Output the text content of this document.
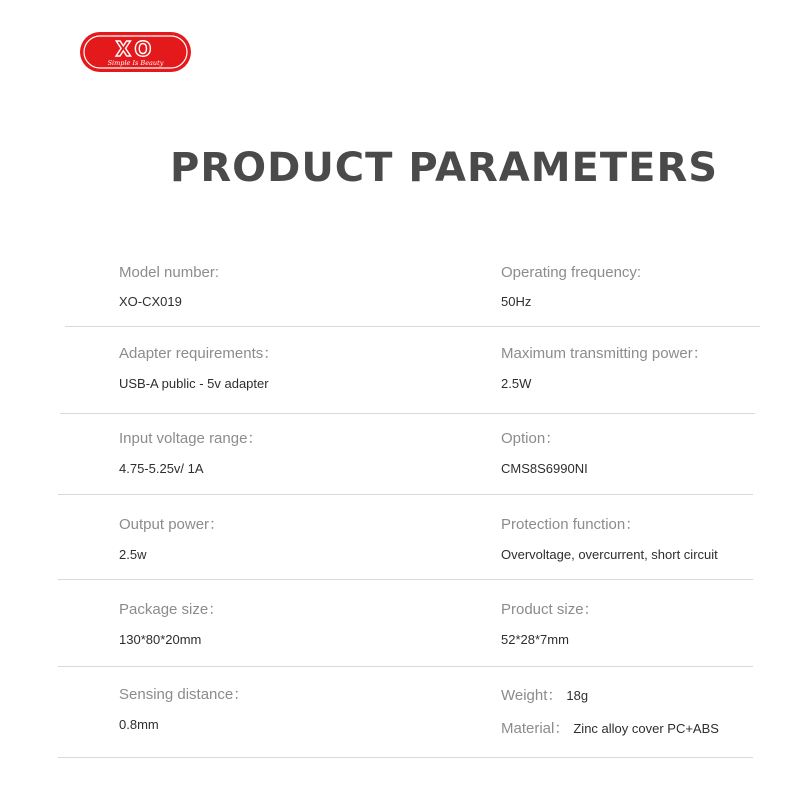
XO
Simple Is Beauty
PRODUCT PARAMETERS
Model number:
XO-CX019
Operating frequency:
50Hz
Adapter requirements：
USB-A public - 5v adapter
Maximum transmitting power：
2.5W
Input voltage range：
4.75-5.25v/ 1A
Option：
CMS8S6990NI
Output power：
2.5w
Protection function：
Overvoltage, overcurrent, short circuit
Package size：
130*80*20mm
Product size：
52*28*7mm
Sensing distance：
0.8mm
Weight： 18g
Material： Zinc alloy cover PC+ABS
